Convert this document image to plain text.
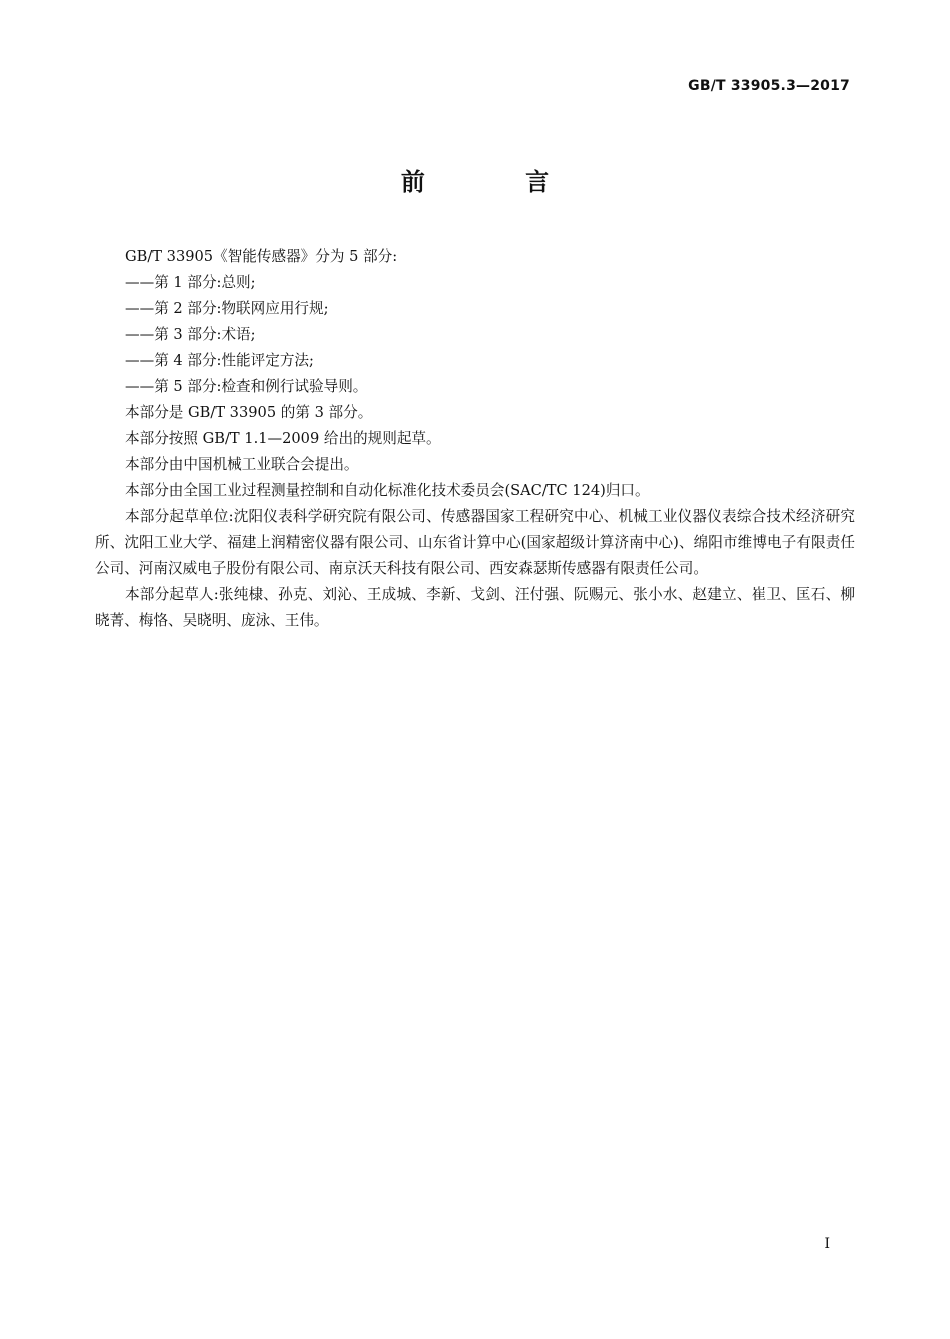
GB/T 33905.3—2017
前 言

GB/T 33905《智能传感器》分为 5 部分:

——第 1 部分:总则;

——第 2 部分:物联网应用行规;

——第 3 部分:术语;

——第 4 部分:性能评定方法;

——第 5 部分:检查和例行试验导则。

本部分是 GB/T 33905 的第 3 部分。

本部分按照 GB/T 1.1—2009 给出的规则起草。

本部分由中国机械工业联合会提出。

本部分由全国工业过程测量控制和自动化标准化技术委员会(SAC/TC 124)归口。

本部分起草单位:沈阳仪表科学研究院有限公司、传感器国家工程研究中心、机械工业仪器仪表综合技术经济研究所、沈阳工业大学、福建上润精密仪器有限公司、山东省计算中心(国家超级计算济南中心)、绵阳市维博电子有限责任公司、河南汉威电子股份有限公司、南京沃天科技有限公司、西安森瑟斯传感器有限责任公司。

本部分起草人:张纯棣、孙克、刘沁、王成城、李新、戈剑、汪付强、阮赐元、张小水、赵建立、崔卫、匡石、柳晓菁、梅恪、吴晓明、庞泳、王伟。

I
